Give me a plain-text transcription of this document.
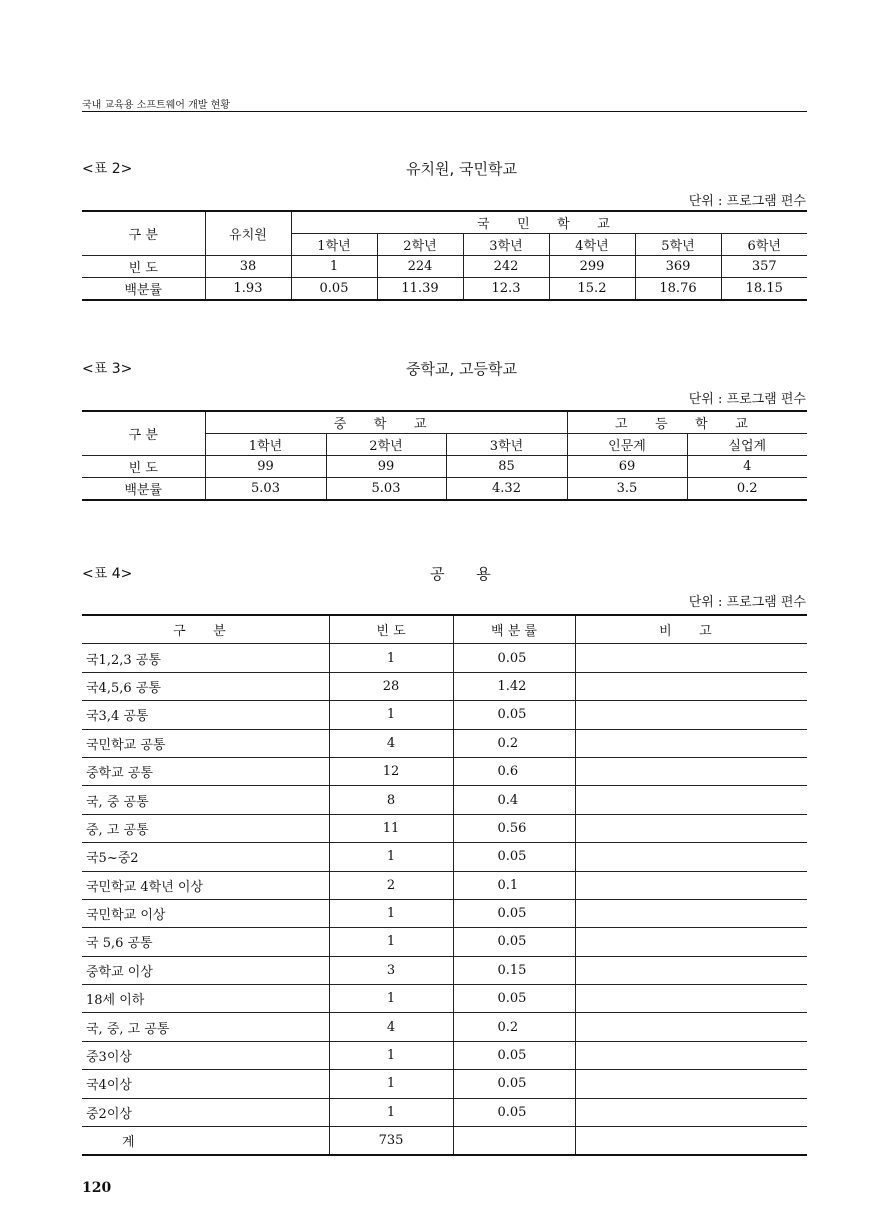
국내 교육용 소프트웨어 개발 현황
<표 2>	유치원, 국민학교
단위 : 프로그램 편수
구 분	유치원	국 민 학 교					
		1학년	2학년	3학년	4학년	5학년	6학년
빈 도	38	1	224	242	299	369	357
백분률	1.93	0.05	11.39	12.3	15.2	18.76	18.15
<표 3>	중학교, 고등학교
단위 : 프로그램 편수
구 분	중 학 교			고 등 학 교	
	1학년	2학년	3학년	인문계	실업계
빈 도	99	99	85	69	4
백분률	5.03	5.03	4.32	3.5	0.2
<표 4>	공 용
단위 : 프로그램 편수
구 분	빈 도	백 분 률	비 고
국1,2,3 공통	1	0.05	
국4,5,6 공통	28	1.42	
국3,4 공통	1	0.05	
국민학교 공통	4	0.2	
중학교 공통	12	0.6	
국, 중 공통	8	0.4	
중, 고 공통	11	0.56	
국5~중2	1	0.05	
국민학교 4학년 이상	2	0.1	
국민학교 이상	1	0.05	
국 5,6 공통	1	0.05	
중학교 이상	3	0.15	
18세 이하	1	0.05	
국, 중, 고 공통	4	0.2	
중3이상	1	0.05	
국4이상	1	0.05	
중2이상	1	0.05	
계	735		
120
